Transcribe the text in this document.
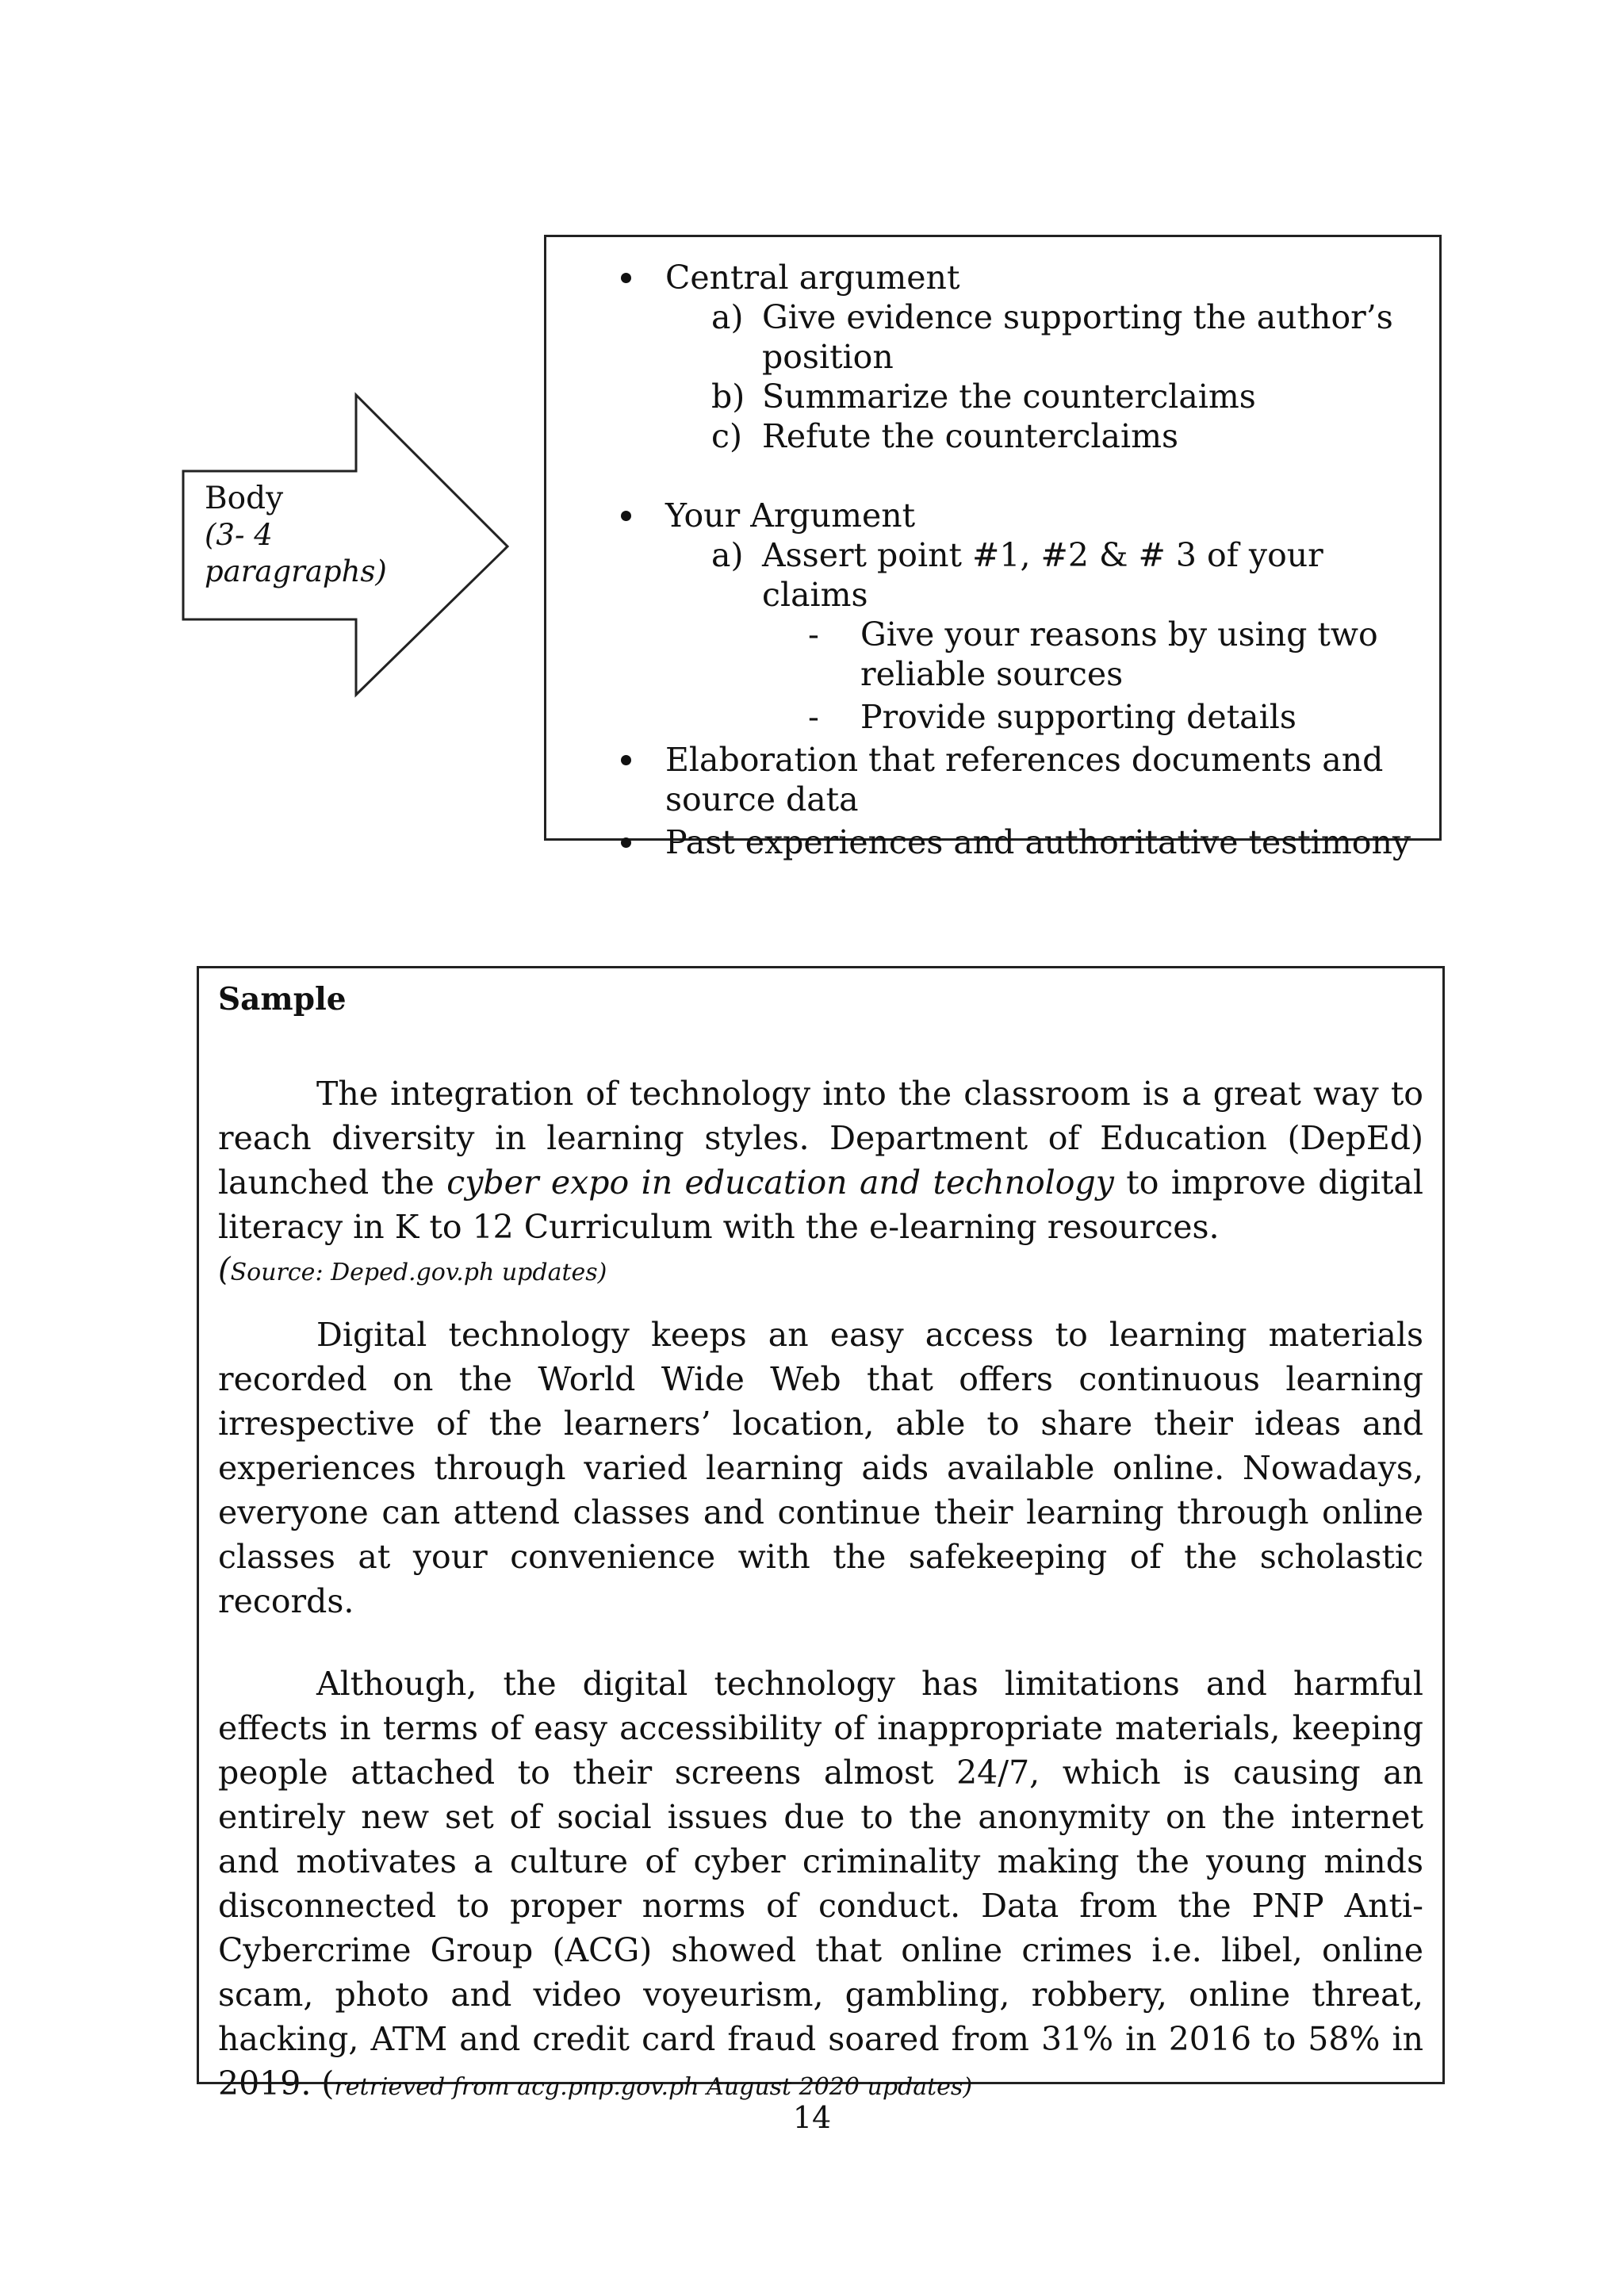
Body
(3- 4
paragraphs)
Central argument
a) Give evidence supporting the author’s
position
b) Summarize the counterclaims
c) Refute the counterclaims
Your Argument
a) Assert point #1, #2 & # 3 of your claims
- Give your reasons by using two
reliable sources
- Provide supporting details
Elaboration that references documents and
source data
Past experiences and authoritative testimony

Sample

The integration of technology into the classroom is a great way to reach diversity in learning styles. Department of Education (DepEd) launched the cyber expo in education and technology to improve digital literacy in K to 12 Curriculum with the e-learning resources.

(Source: Deped.gov.ph updates)

Digital technology keeps an easy access to learning materials recorded on the World Wide Web that offers continuous learning irrespective of the learners’ location, able to share their ideas and experiences through varied learning aids available online. Nowadays, everyone can attend classes and continue their learning through online classes at your convenience with the safekeeping of the scholastic records.

Although, the digital technology has limitations and harmful effects in terms of easy accessibility of inappropriate materials, keeping people attached to their screens almost 24/7, which is causing an entirely new set of social issues due to the anonymity on the internet and motivates a culture of cyber criminality making the young minds disconnected to proper norms of conduct. Data from the PNP Anti-Cybercrime Group (ACG) showed that online crimes i.e. libel, online scam, photo and video voyeurism, gambling, robbery, online threat, hacking, ATM and credit card fraud soared from 31% in 2016 to 58% in 2019. (retrieved from acg.pnp.gov.ph August 2020 updates)

14
